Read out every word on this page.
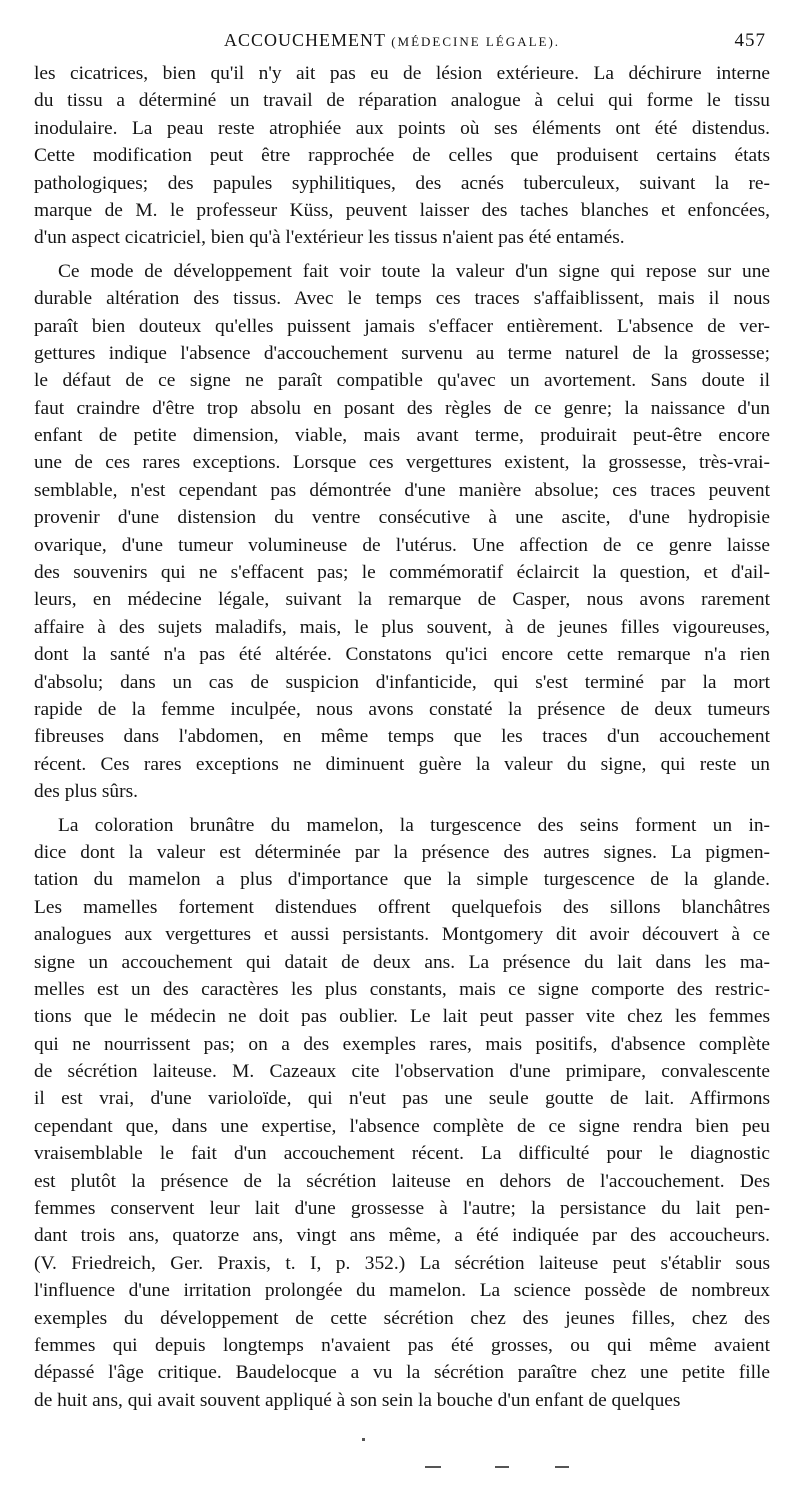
ACCOUCHEMENT (MÉDECINE LÉGALE).	457
les cicatrices, bien qu'il n'y ait pas eu de lésion extérieure. La déchirure interne
du tissu a déterminé un travail de réparation analogue à celui qui forme le tissu
inodulaire. La peau reste atrophiée aux points où ses éléments ont été distendus.
Cette modification peut être rapprochée de celles que produisent certains états
pathologiques; des papules syphilitiques, des acnés tuberculeux, suivant la re-
marque de M. le professeur Küss, peuvent laisser des taches blanches et enfoncées,
d'un aspect cicatriciel, bien qu'à l'extérieur les tissus n'aient pas été entamés.
Ce mode de développement fait voir toute la valeur d'un signe qui repose sur une
durable altération des tissus. Avec le temps ces traces s'affaiblissent, mais il nous
paraît bien douteux qu'elles puissent jamais s'effacer entièrement. L'absence de ver-
gettures indique l'absence d'accouchement survenu au terme naturel de la grossesse;
le défaut de ce signe ne paraît compatible qu'avec un avortement. Sans doute il
faut craindre d'être trop absolu en posant des règles de ce genre; la naissance d'un
enfant de petite dimension, viable, mais avant terme, produirait peut-être encore
une de ces rares exceptions. Lorsque ces vergettures existent, la grossesse, très-vrai-
semblable, n'est cependant pas démontrée d'une manière absolue; ces traces peuvent
provenir d'une distension du ventre consécutive à une ascite, d'une hydropisie
ovarique, d'une tumeur volumineuse de l'utérus. Une affection de ce genre laisse
des souvenirs qui ne s'effacent pas; le commémoratif éclaircit la question, et d'ail-
leurs, en médecine légale, suivant la remarque de Casper, nous avons rarement
affaire à des sujets maladifs, mais, le plus souvent, à de jeunes filles vigoureuses,
dont la santé n'a pas été altérée. Constatons qu'ici encore cette remarque n'a rien
d'absolu; dans un cas de suspicion d'infanticide, qui s'est terminé par la mort
rapide de la femme inculpée, nous avons constaté la présence de deux tumeurs
fibreuses dans l'abdomen, en même temps que les traces d'un accouchement
récent. Ces rares exceptions ne diminuent guère la valeur du signe, qui reste un
des plus sûrs.
La coloration brunâtre du mamelon, la turgescence des seins forment un in-
dice dont la valeur est déterminée par la présence des autres signes. La pigmen-
tation du mamelon a plus d'importance que la simple turgescence de la glande.
Les mamelles fortement distendues offrent quelquefois des sillons blanchâtres
analogues aux vergettures et aussi persistants. Montgomery dit avoir découvert à ce
signe un accouchement qui datait de deux ans. La présence du lait dans les ma-
melles est un des caractères les plus constants, mais ce signe comporte des restric-
tions que le médecin ne doit pas oublier. Le lait peut passer vite chez les femmes
qui ne nourrissent pas; on a des exemples rares, mais positifs, d'absence complète
de sécrétion laiteuse. M. Cazeaux cite l'observation d'une primipare, convalescente
il est vrai, d'une varioloïde, qui n'eut pas une seule goutte de lait. Affirmons
cependant que, dans une expertise, l'absence complète de ce signe rendra bien peu
vraisemblable le fait d'un accouchement récent. La difficulté pour le diagnostic
est plutôt la présence de la sécrétion laiteuse en dehors de l'accouchement. Des
femmes conservent leur lait d'une grossesse à l'autre; la persistance du lait pen-
dant trois ans, quatorze ans, vingt ans même, a été indiquée par des accoucheurs.
(V. Friedreich, Ger. Praxis, t. I, p. 352.) La sécrétion laiteuse peut s'établir sous
l'influence d'une irritation prolongée du mamelon. La science possède de nombreux
exemples du développement de cette sécrétion chez des jeunes filles, chez des
femmes qui depuis longtemps n'avaient pas été grosses, ou qui même avaient
dépassé l'âge critique. Baudelocque a vu la sécrétion paraître chez une petite fille
de huit ans, qui avait souvent appliqué à son sein la bouche d'un enfant de quelques
